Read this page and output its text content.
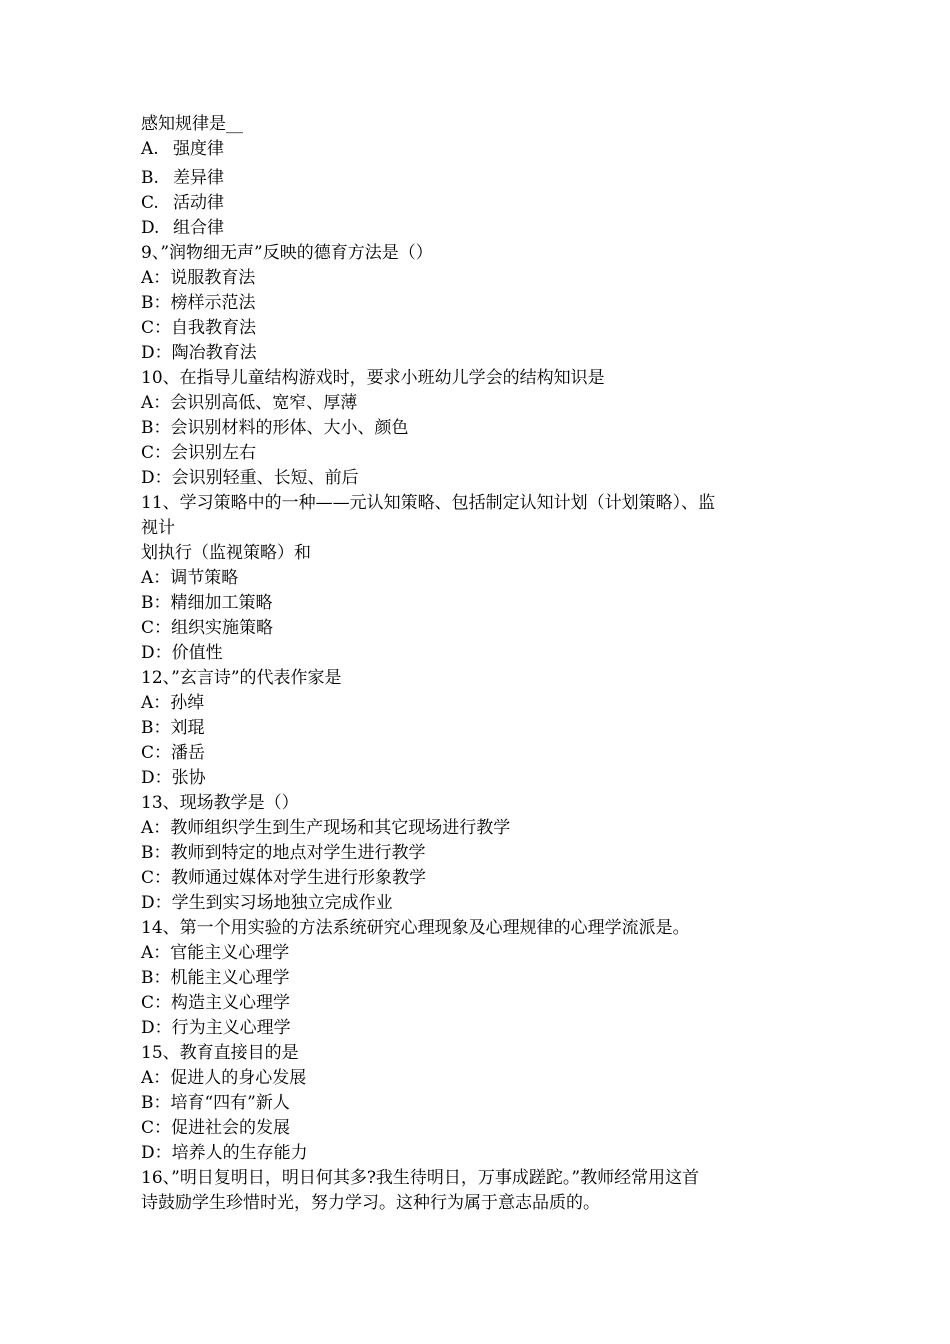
感知规律是__
A. 强度律
B. 差异律
C. 活动律
D. 组合律
9、”润物细无声”反映的德育方法是（）
A：说服教育法
B：榜样示范法
C：自我教育法
D：陶冶教育法
10、在指导儿童结构游戏时，要求小班幼儿学会的结构知识是
A：会识别高低、宽窄、厚薄
B：会识别材料的形体、大小、颜色
C：会识别左右
D：会识别轻重、长短、前后
11、学习策略中的一种——元认知策略、包括制定认知计划（计划策略）、监
视计
划执行（监视策略）和
A：调节策略
B：精细加工策略
C：组织实施策略
D：价值性
12、”玄言诗”的代表作家是
A：孙绰
B：刘琨
C：潘岳
D：张协
13、现场教学是（）
A：教师组织学生到生产现场和其它现场进行教学
B：教师到特定的地点对学生进行教学
C：教师通过媒体对学生进行形象教学
D：学生到实习场地独立完成作业
14、第一个用实验的方法系统研究心理现象及心理规律的心理学流派是。
A：官能主义心理学
B：机能主义心理学
C：构造主义心理学
D：行为主义心理学
15、教育直接目的是
A：促进人的身心发展
B：培育“四有”新人
C：促进社会的发展
D：培养人的生存能力
16、”明日复明日，明日何其多?我生待明日，万事成蹉跎。”教师经常用这首
诗鼓励学生珍惜时光，努力学习。这种行为属于意志品质的。
